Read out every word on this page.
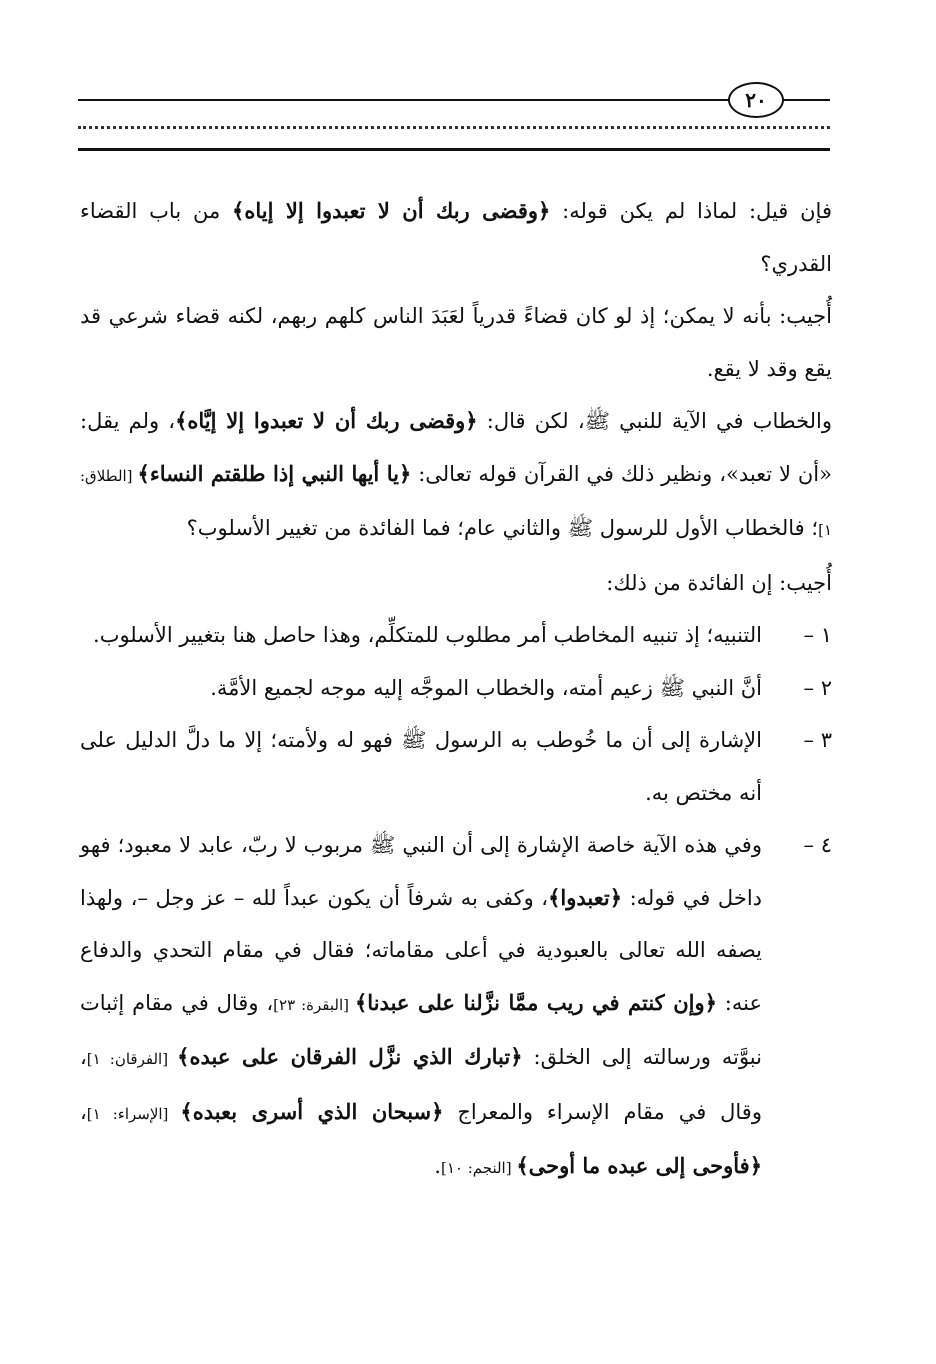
٢٠

فإن قيل: لماذا لم يكن قوله: ﴿وقضى ربك أن لا تعبدوا إلا إياه﴾ من باب القضاء القدري؟

أُجيب: بأنه لا يمكن؛ إذ لو كان قضاءً قدرياً لعَبَدَ الناس كلهم ربهم، لكنه قضاء شرعي قد يقع وقد لا يقع.

والخطاب في الآية للنبي ﷺ، لكن قال: ﴿وقضى ربك أن لا تعبدوا إلا إيَّاه﴾، ولم يقل: «أن لا تعبد»، ونظير ذلك في القرآن قوله تعالى: ﴿يا أيها النبي إذا طلقتم النساء﴾ [الطلاق: ١]؛ فالخطاب الأول للرسول ﷺ والثاني عام؛ فما الفائدة من تغيير الأسلوب؟

أُجيب: إن الفائدة من ذلك:

١ –
التنبيه؛ إذ تنبيه المخاطب أمر مطلوب للمتكلِّم، وهذا حاصل هنا بتغيير الأسلوب.

٢ –
أنَّ النبي ﷺ زعيم أمته، والخطاب الموجَّه إليه موجه لجميع الأمَّة.

٣ –
الإشارة إلى أن ما خُوطب به الرسول ﷺ فهو له ولأمته؛ إلا ما دلَّ الدليل على أنه مختص به.

٤ –
وفي هذه الآية خاصة الإشارة إلى أن النبي ﷺ مربوب لا ربّ، عابد لا معبود؛ فهو داخل في قوله: ﴿تعبدوا﴾، وكفى به شرفاً أن يكون عبداً لله – عز وجل –، ولهذا يصفه الله تعالى بالعبودية في أعلى مقاماته؛ فقال في مقام التحدي والدفاع عنه: ﴿وإن كنتم في ريب ممَّا نزَّلنا على عبدنا﴾ [البقرة: ٢٣]، وقال في مقام إثبات نبوَّته ورسالته إلى الخلق: ﴿تبارك الذي نزَّل الفرقان على عبده﴾ [الفرقان: ١]، وقال في مقام الإسراء والمعراج ﴿سبحان الذي أسرى بعبده﴾ [الإسراء: ١]، ﴿فأوحى إلى عبده ما أوحى﴾ [النجم: ١٠].
